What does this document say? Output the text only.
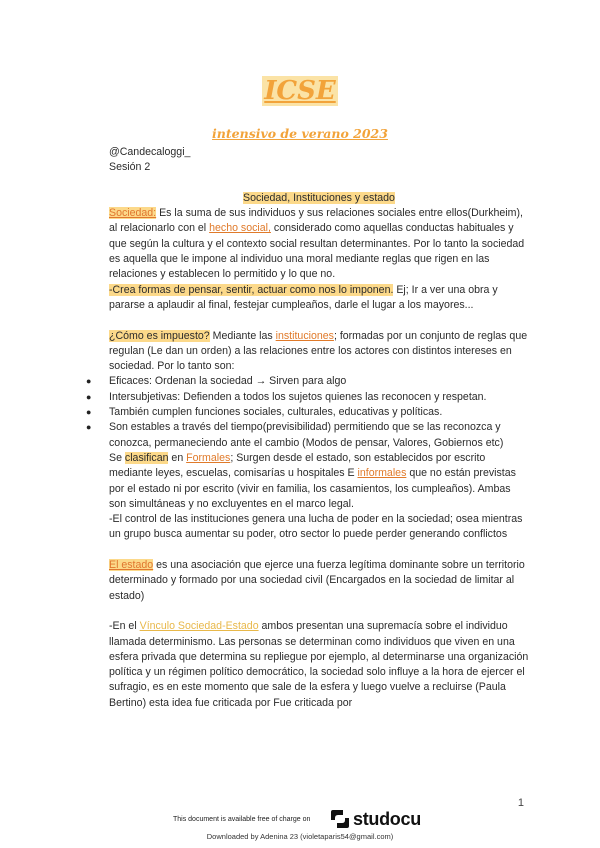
ICSE
intensivo de verano 2023

@Candecaloggi_

Sesión 2

Sociedad, Instituciones y estado

Sociedad: Es la suma de sus individuos y sus relaciones sociales entre ellos(Durkheim), al relacionarlo con el hecho social, considerado como aquellas conductas habituales y que según la cultura y el contexto social resultan determinantes. Por lo tanto la sociedad es aquella que le impone al individuo una moral mediante reglas que rigen en las relaciones y establecen lo permitido y lo que no.

-Crea formas de pensar, sentir, actuar como nos lo imponen. Ej; Ir a ver una obra y pararse a aplaudir al final, festejar cumpleaños, darle el lugar a los mayores...

¿Cómo es impuesto? Mediante las instituciones; formadas por un conjunto de reglas que regulan (Le dan un orden) a las relaciones entre los actores con distintos intereses en sociedad. Por lo tanto son:

● Eficaces: Ordenan la sociedad → Sirven para algo
● Intersubjetivas: Defienden a todos los sujetos quienes las reconocen y respetan.
● También cumplen funciones sociales, culturales, educativas y políticas.
● Son estables a través del tiempo(previsibilidad) permitiendo que se las reconozca y conozca, permaneciendo ante el cambio (Modos de pensar, Valores, Gobiernos etc)

Se clasifican en Formales; Surgen desde el estado, son establecidos por escrito mediante leyes, escuelas, comisarías u hospitales E informales que no están previstas por el estado ni por escrito (vivir en familia, los casamientos, los cumpleaños). Ambas son simultáneas y no excluyentes en el marco legal.

-El control de las instituciones genera una lucha de poder en la sociedad; osea mientras un grupo busca aumentar su poder, otro sector lo puede perder generando conflictos

El estado es una asociación que ejerce una fuerza legítima dominante sobre un territorio determinado y formado por una sociedad civil (Encargados en la sociedad de limitar al estado)

-En el Vínculo Sociedad-Estado ambos presentan una supremacía sobre el individuo llamada determinismo. Las personas se determinan como individuos que viven en una esfera privada que determina su repliegue por ejemplo, al determinarse una organización política y un régimen político democrático, la sociedad solo influye a la hora de ejercer el sufragio, es en este momento que sale de la esfera y luego vuelve a recluirse (Paula Bertino) esta idea fue criticada por Fue criticada por

1
This document is available free of charge on studocu
Downloaded by Adenina 23 (violetaparis54@gmail.com)
